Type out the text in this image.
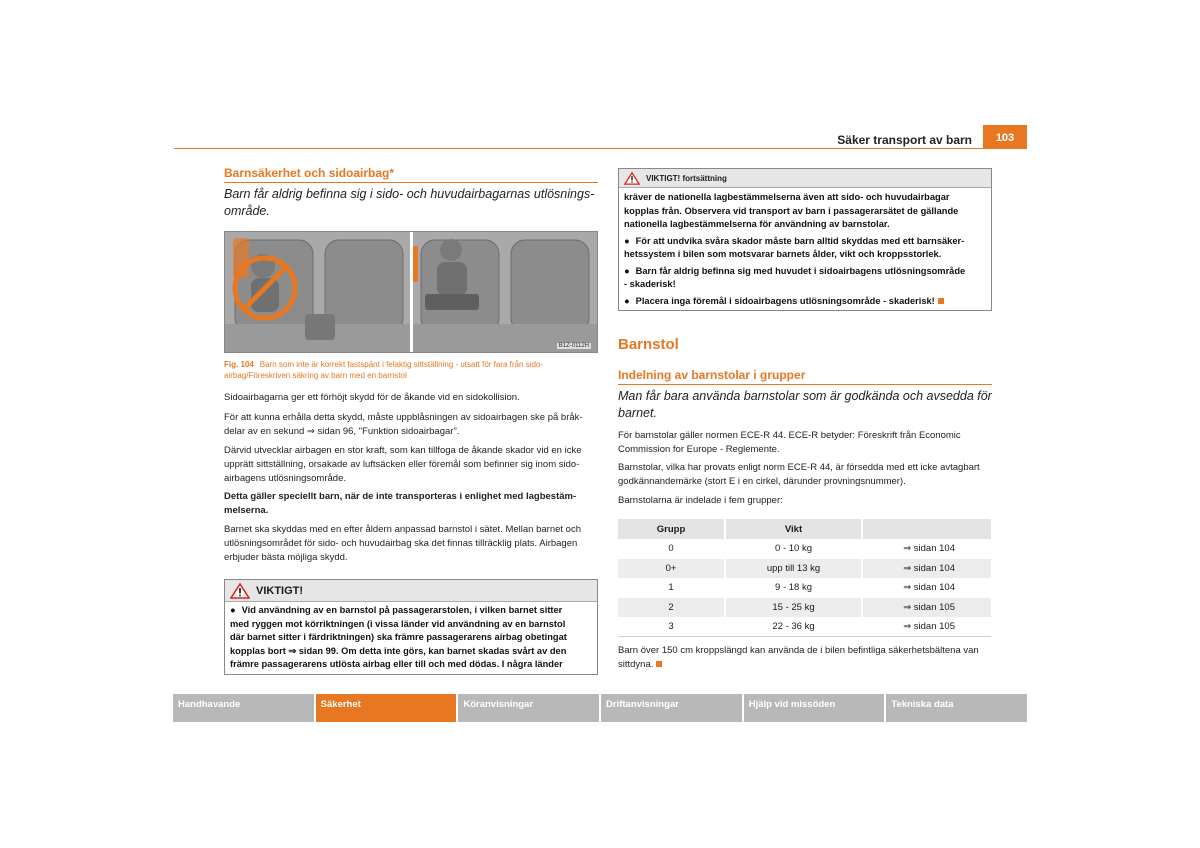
Säker transport av barn	103
Barnsäkerhet och sidoairbag*
Barn får aldrig befinna sig i sido- och huvudairbagarnas utlösnings-område.
B1Z-0112H
Fig. 104 Barn som inte är korrekt fastspänt i felaktig sittställning - utsatt för fara från sido-
airbag/Föreskriven säkring av barn med en barnstol
Sidoairbagarna ger ett förhöjt skydd för de åkande vid en sidokollision.
För att kunna erhålla detta skydd, måste uppblåsningen av sidoairbagen ske på bråk-
delar av en sekund ⇒ sidan 96, "Funktion sidoairbagar".
Därvid utvecklar airbagen en stor kraft, som kan tillfoga de åkande skador vid en icke
upprätt sittställning, orsakade av luftsäcken eller föremål som befinner sig inom sido-
airbagens utlösningsområde.
Detta gäller speciellt barn, när de inte transporteras i enlighet med lagbestäm-
melserna.
Barnet ska skyddas med en efter åldern anpassad barnstol i sätet. Mellan barnet och
utlösningsområdet för sido- och huvudairbag ska det finnas tillräcklig plats. Airbagen
erbjuder bästa möjliga skydd.
VIKTIGT!
● Vid användning av en barnstol på passagerarstolen, i vilken barnet sitter
med ryggen mot körriktningen (i vissa länder vid användning av en barnstol
där barnet sitter i färdriktningen) ska främre passagerarens airbag obetingat
kopplas bort ⇒ sidan 99. Om detta inte görs, kan barnet skadas svårt av den
främre passagerarens utlösta airbag eller till och med dödas. I några länder
VIKTIGT! fortsättning
kräver de nationella lagbestämmelserna även att sido- och huvudairbagar
kopplas från. Observera vid transport av barn i passagerarsätet de gällande
nationella lagbestämmelserna för användning av barnstolar.
● För att undvika svåra skador måste barn alltid skyddas med ett barnsäker-
hetssystem i bilen som motsvarar barnets ålder, vikt och kroppsstorlek.
● Barn får aldrig befinna sig med huvudet i sidoairbagens utlösningsområde
- skaderisk!
● Placera inga föremål i sidoairbagens utlösningsområde - skaderisk!
Barnstol
Indelning av barnstolar i grupper
Man får bara använda barnstolar som är godkända och avsedda för
barnet.
För barnstolar gäller normen ECE-R 44. ECE-R betyder: Föreskrift från Economic
Commission for Europe - Reglemente.
Barnstolar, vilka har provats enligt norm ECE-R 44, är försedda med ett icke avtagbart
godkännandemärke (stort E i en cirkel, därunder provningsnummer).
Barnstolarna är indelade i fem grupper:
Grupp	Vikt	
0	0 - 10 kg	⇒ sidan 104
0+	upp till 13 kg	⇒ sidan 104
1	9 - 18 kg	⇒ sidan 104
2	15 - 25 kg	⇒ sidan 105
3	22 - 36 kg	⇒ sidan 105
Barn över 150 cm kroppslängd kan använda de i bilen befintliga säkerhetsbältena van
sittdyna.
Handhavande	Säkerhet	Köranvisningar	Driftanvisningar	Hjälp vid missöden	Tekniska data
